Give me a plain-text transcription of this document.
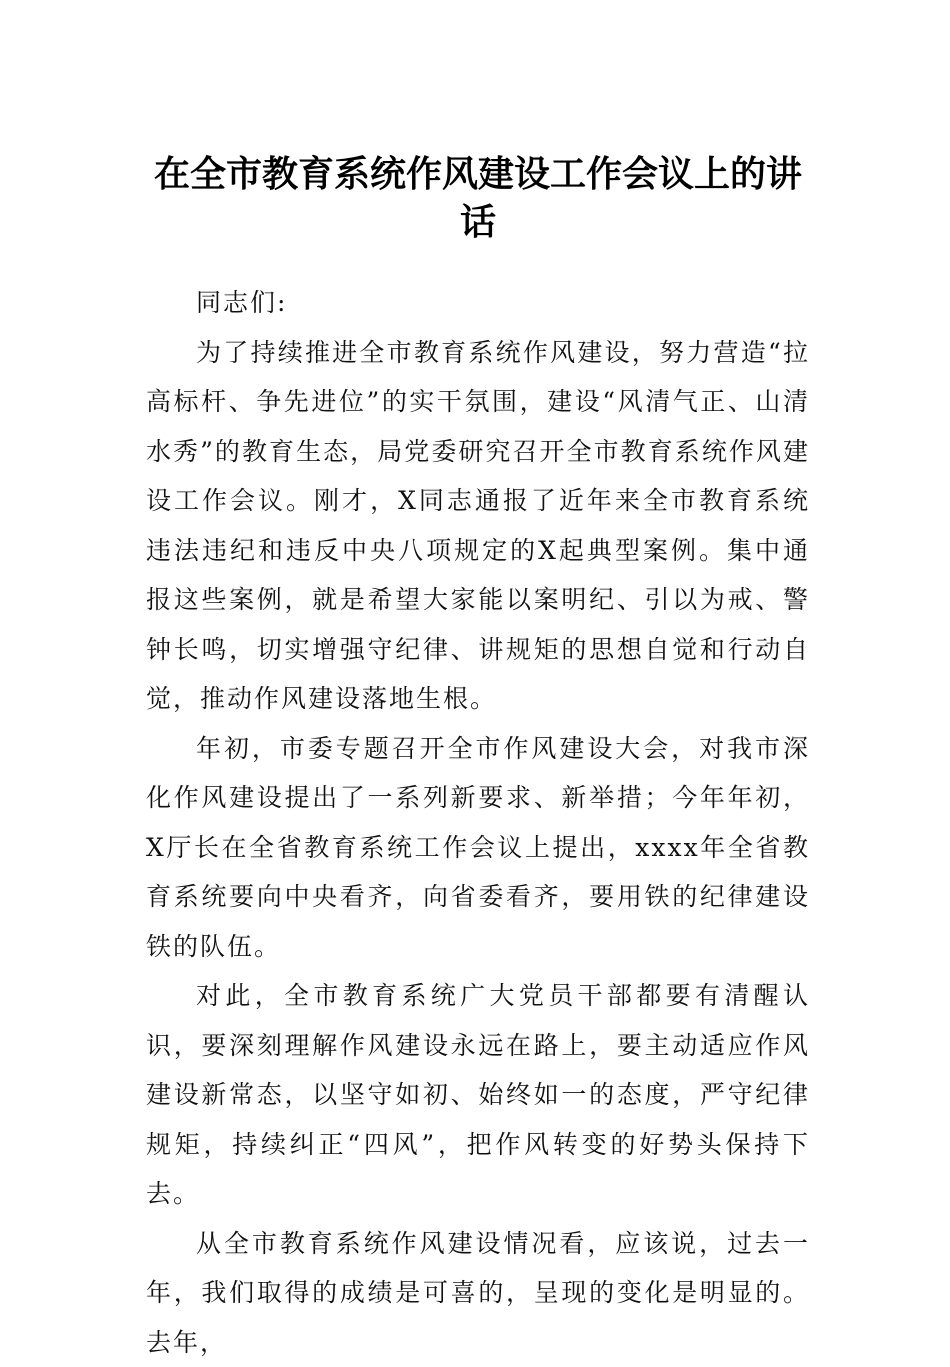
在全市教育系统作风建设工作会议上的讲话

同志们:

为了持续推进全市教育系统作风建设，努力营造“拉高标杆、争先进位”的实干氛围，建设“风清气正、山清水秀”的教育生态，局党委研究召开全市教育系统作风建设工作会议。刚才，X同志通报了近年来全市教育系统违法违纪和违反中央八项规定的X起典型案例。集中通报这些案例，就是希望大家能以案明纪、引以为戒、警钟长鸣，切实增强守纪律、讲规矩的思想自觉和行动自觉，推动作风建设落地生根。

年初，市委专题召开全市作风建设大会，对我市深化作风建设提出了一系列新要求、新举措；今年年初，X厅长在全省教育系统工作会议上提出，xxxx年全省教育系统要向中央看齐，向省委看齐，要用铁的纪律建设铁的队伍。

对此，全市教育系统广大党员干部都要有清醒认识，要深刻理解作风建设永远在路上，要主动适应作风建设新常态，以坚守如初、始终如一的态度，严守纪律规矩，持续纠正“四风”，把作风转变的好势头保持下去。

从全市教育系统作风建设情况看，应该说，过去一年，我们取得的成绩是可喜的，呈现的变化是明显的。去年，
